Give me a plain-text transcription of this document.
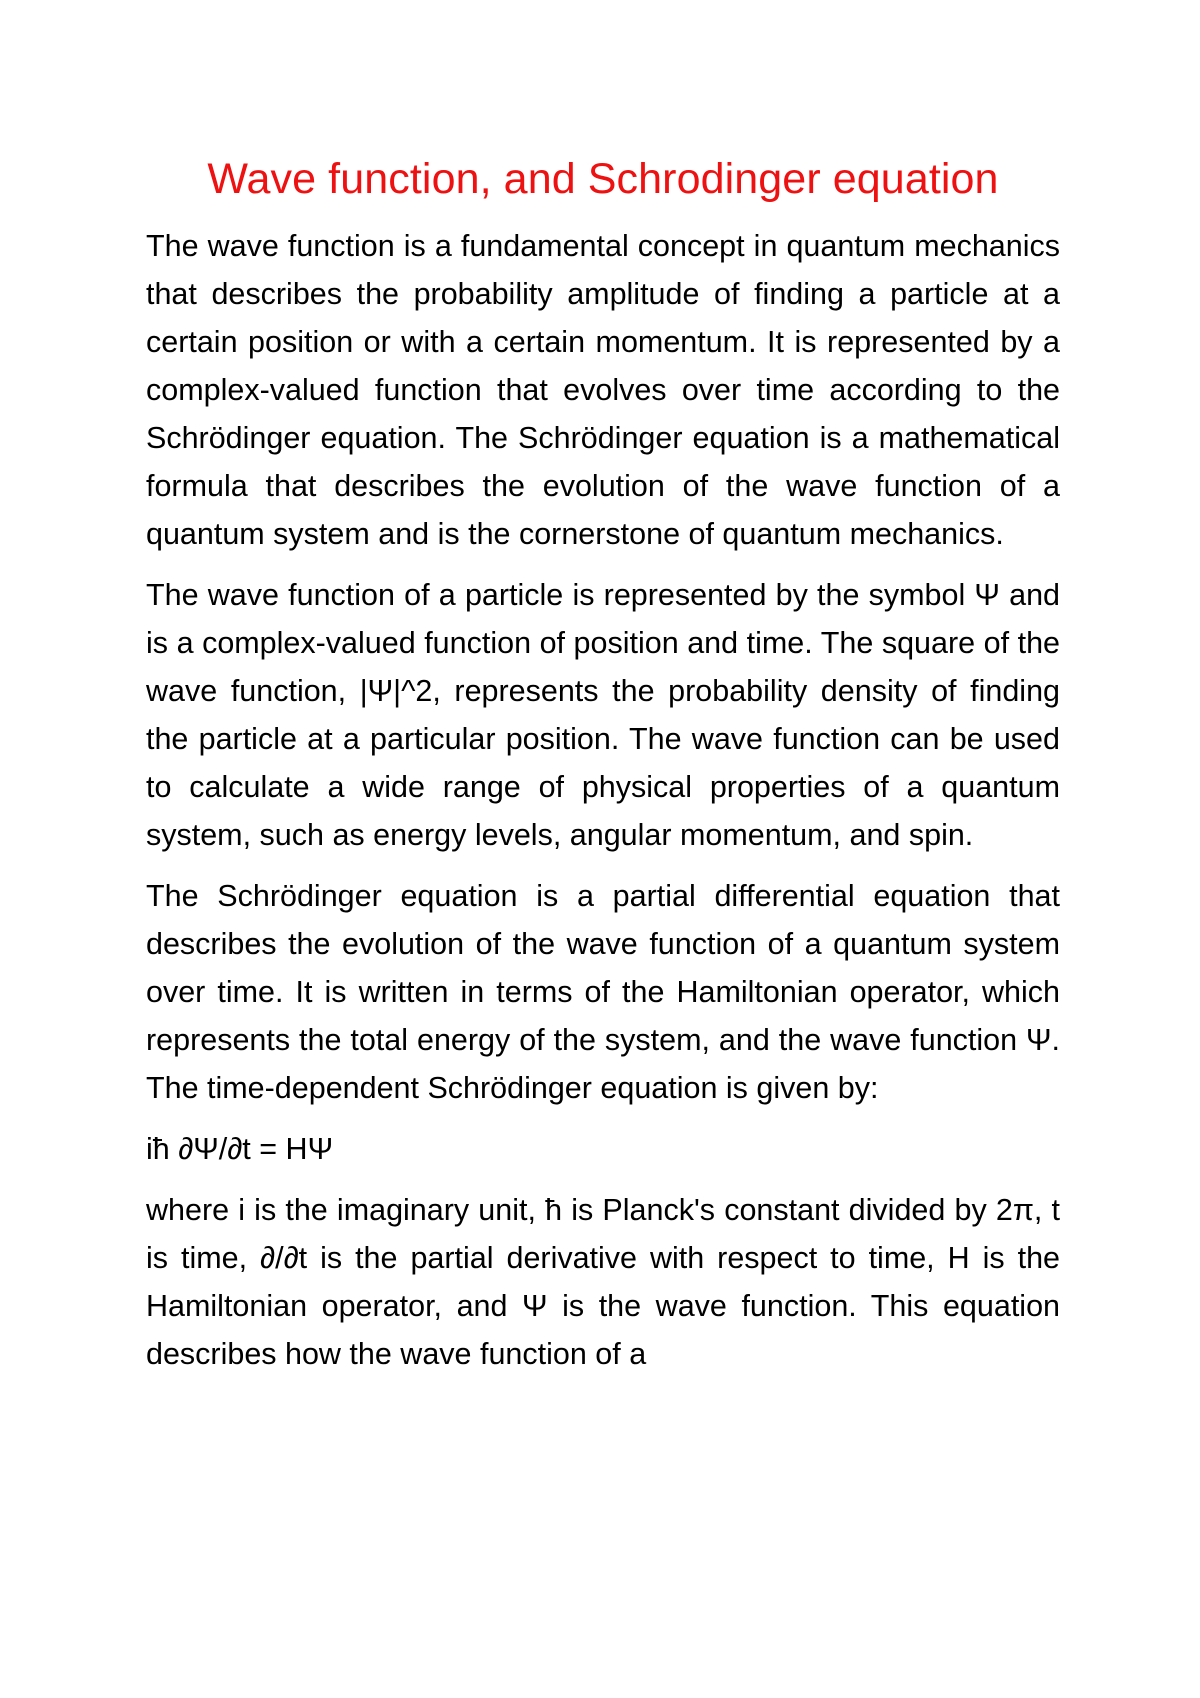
Wave function, and Schrodinger equation

The wave function is a fundamental concept in quantum mechanics that describes the probability amplitude of finding a particle at a certain position or with a certain momentum. It is represented by a complex-valued function that evolves over time according to the Schrödinger equation. The Schrödinger equation is a mathematical formula that describes the evolution of the wave function of a quantum system and is the cornerstone of quantum mechanics.

The wave function of a particle is represented by the symbol Ψ and is a complex-valued function of position and time. The square of the wave function, |Ψ|^2, represents the probability density of finding the particle at a particular position. The wave function can be used to calculate a wide range of physical properties of a quantum system, such as energy levels, angular momentum, and spin.

The Schrödinger equation is a partial differential equation that describes the evolution of the wave function of a quantum system over time. It is written in terms of the Hamiltonian operator, which represents the total energy of the system, and the wave function Ψ. The time-dependent Schrödinger equation is given by:

iħ ∂Ψ/∂t = HΨ

where i is the imaginary unit, ħ is Planck's constant divided by 2π, t is time, ∂/∂t is the partial derivative with respect to time, H is the Hamiltonian operator, and Ψ is the wave function. This equation describes how the wave function of a
